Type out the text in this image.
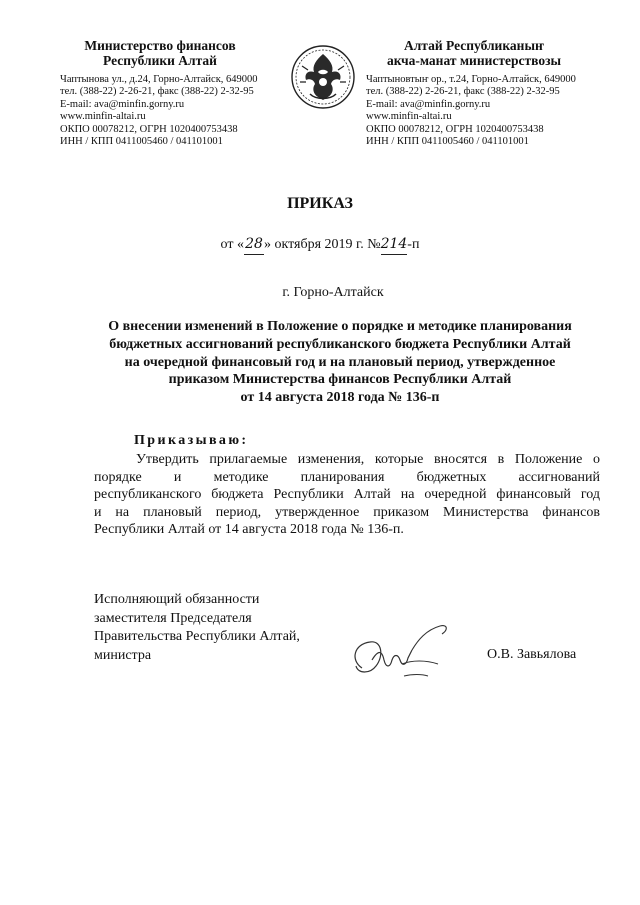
Министерство финансов
Республики Алтай
Чаптынова ул., д.24, Горно-Алтайск, 649000
тел. (388-22) 2-26-21, факс (388-22) 2-32-95
E-mail: ava@minfin.gorny.ru
www.minfin-altai.ru
ОКПО 00078212, ОГРН 1020400753438
ИНН / КПП 0411005460 / 041101001
Алтай Республиканыҥ
акча-манат министерствозы
Чаптыновтыҥ ор., т.24, Горно-Алтайск, 649000
тел. (388-22) 2-26-21, факс (388-22) 2-32-95
E-mail: ava@minfin.gorny.ru
www.minfin-altai.ru
ОКПО 00078212, ОГРН 1020400753438
ИНН / КПП 0411005460 / 041101001
ПРИКАЗ
от «28» октября 2019 г. №214-п
г. Горно-Алтайск
О внесении изменений в Положение о порядке и методике планирования
бюджетных ассигнований республиканского бюджета Республики Алтай
на очередной финансовый год и на плановый период, утвержденное
приказом Министерства финансов Республики Алтай
от 14 августа 2018 года № 136-п
Приказываю:
Утвердить прилагаемые изменения, которые вносятся в Положение о
порядке и методике планирования бюджетных ассигнований
республиканского бюджета Республики Алтай на очередной финансовый год
и на плановый период, утвержденное приказом Министерства финансов
Республики Алтай от 14 августа 2018 года № 136-п.
Исполняющий обязанности
заместителя Председателя
Правительства Республики Алтай,
министра	О.В. Завьялова
